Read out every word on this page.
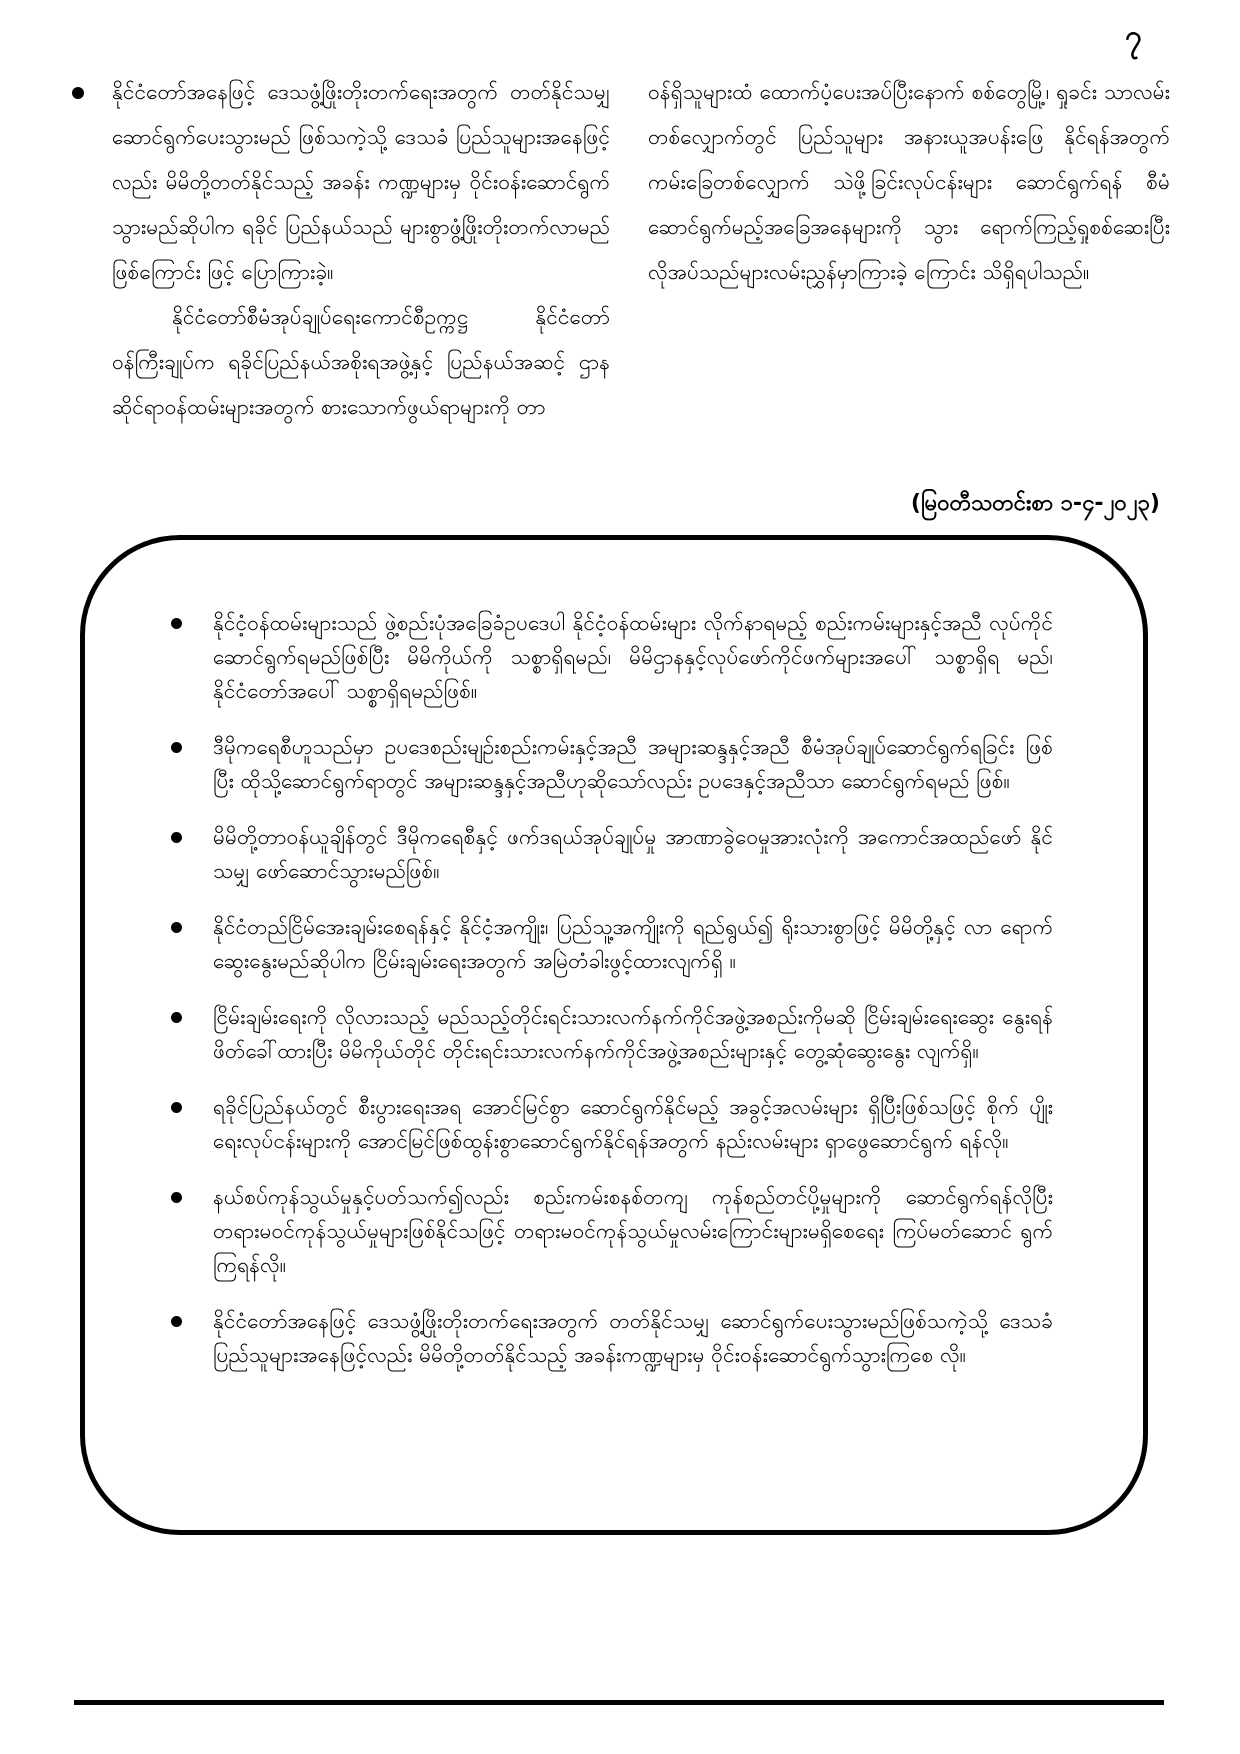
၇

နိုင်ငံတော်အနေဖြင့် ဒေသဖွံ့ဖြိုးတိုးတက်ရေးအတွက် တတ်နိုင်သမျှ ဆောင်ရွက်ပေးသွားမည် ဖြစ်သကဲ့သို့ ဒေသခံ ပြည်သူများအနေဖြင့်လည်း မိမိတို့တတ်နိုင်သည့် အခန်း ကဏ္ဍများမှ ဝိုင်းဝန်းဆောင်ရွက်သွားမည်ဆိုပါက ရခိုင် ပြည်နယ်သည် များစွာဖွံ့ဖြိုးတိုးတက်လာမည်ဖြစ်ကြောင်း ဖြင့် ပြောကြားခဲ့။

နိုင်ငံတော်စီမံအုပ်ချုပ်ရေးကောင်စီဥက္ကဋ္ဌ နိုင်ငံတော် ဝန်ကြီးချုပ်က ရခိုင်ပြည်နယ်အစိုးရအဖွဲ့နှင့် ပြည်နယ်အဆင့် ဌာန ဆိုင်ရာဝန်ထမ်းများအတွက် စားသောက်ဖွယ်ရာများကို တာ

ဝန်ရှိသူများထံ ထောက်ပံ့ပေးအပ်ပြီးနောက် စစ်တွေမြို့၊ ရှုခင်း သာလမ်းတစ်လျှောက်တွင် ပြည်သူများ အနားယူအပန်းဖြေ နိုင်ရန်အတွက် ကမ်းခြေတစ်လျှောက် သဲဖို့ခြင်းလုပ်ငန်းများ ဆောင်ရွက်ရန် စီမံဆောင်ရွက်မည့်အခြေအနေများကို သွား ရောက်ကြည့်ရှုစစ်ဆေးပြီး လိုအပ်သည်များလမ်းညွှန်မှာကြားခဲ့ ကြောင်း သိရှိရပါသည်။

(မြဝတီသတင်းစာ ၁-၄-၂၀၂၃)
နိုင်ငံ့ဝန်ထမ်းများသည် ဖွဲ့စည်းပုံအခြေခံဥပဒေပါ နိုင်ငံ့ဝန်ထမ်းများ လိုက်နာရမည့် စည်းကမ်းများနှင့်အညီ လုပ်ကိုင်ဆောင်ရွက်ရမည်ဖြစ်ပြီး မိမိကိုယ်ကို သစ္စာရှိရမည်၊ မိမိဌာနနှင့်လုပ်ဖော်ကိုင်ဖက်များအပေါ် သစ္စာရှိရ မည်၊ နိုင်ငံတော်အပေါ် သစ္စာရှိရမည်ဖြစ်။
ဒီမိုကရေစီဟူသည်မှာ ဥပဒေစည်းမျဉ်းစည်းကမ်းနှင့်အညီ အများဆန္ဒနှင့်အညီ စီမံအုပ်ချုပ်ဆောင်ရွက်ရခြင်း ဖြစ်ပြီး ထိုသို့ဆောင်ရွက်ရာတွင် အများဆန္ဒနှင့်အညီဟုဆိုသော်လည်း ဥပဒေနှင့်အညီသာ ဆောင်ရွက်ရမည် ဖြစ်။
မိမိတို့တာဝန်ယူချိန်တွင် ဒီမိုကရေစီနှင့် ဖက်ဒရယ်အုပ်ချုပ်မှု အာဏာခွဲဝေမှုအားလုံးကို အကောင်အထည်ဖော် နိုင်သမျှ ဖော်ဆောင်သွားမည်ဖြစ်။
နိုင်ငံတည်ငြိမ်အေးချမ်းစေရန်နှင့် နိုင်ငံ့အကျိုး၊ ပြည်သူ့အကျိုးကို ရည်ရွယ်၍ ရိုးသားစွာဖြင့် မိမိတို့နှင့် လာ ရောက်ဆွေးနွေးမည်ဆိုပါက ငြိမ်းချမ်းရေးအတွက် အမြဲတံခါးဖွင့်ထားလျက်ရှိ ။
ငြိမ်းချမ်းရေးကို လိုလားသည့် မည်သည့်တိုင်းရင်းသားလက်နက်ကိုင်အဖွဲ့အစည်းကိုမဆို ငြိမ်းချမ်းရေးဆွေး နွေးရန် ဖိတ်ခေါ်ထားပြီး မိမိကိုယ်တိုင် တိုင်းရင်းသားလက်နက်ကိုင်အဖွဲ့အစည်းများနှင့် တွေ့ဆုံဆွေးနွေး လျက်ရှိ။
ရခိုင်ပြည်နယ်တွင် စီးပွားရေးအရ အောင်မြင်စွာ ဆောင်ရွက်နိုင်မည့် အခွင့်အလမ်းများ ရှိပြီးဖြစ်သဖြင့် စိုက် ပျိုးရေးလုပ်ငန်းများကို အောင်မြင်ဖြစ်ထွန်းစွာဆောင်ရွက်နိုင်ရန်အတွက် နည်းလမ်းများ ရှာဖွေဆောင်ရွက် ရန်လို။
နယ်စပ်ကုန်သွယ်မှုနှင့်ပတ်သက်၍လည်း စည်းကမ်းစနစ်တကျ ကုန်စည်တင်ပို့မှုများကို ဆောင်ရွက်ရန်လိုပြီး တရားမဝင်ကုန်သွယ်မှုများဖြစ်နိုင်သဖြင့် တရားမဝင်ကုန်သွယ်မှုလမ်းကြောင်းများမရှိစေရေး ကြပ်မတ်ဆောင် ရွက်ကြရန်လို။
နိုင်ငံတော်အနေဖြင့် ဒေသဖွံ့ဖြိုးတိုးတက်ရေးအတွက် တတ်နိုင်သမျှ ဆောင်ရွက်ပေးသွားမည်ဖြစ်သကဲ့သို့ ဒေသခံပြည်သူများအနေဖြင့်လည်း မိမိတို့တတ်နိုင်သည့် အခန်းကဏ္ဍများမှ ဝိုင်းဝန်းဆောင်ရွက်သွားကြစေ လို။
